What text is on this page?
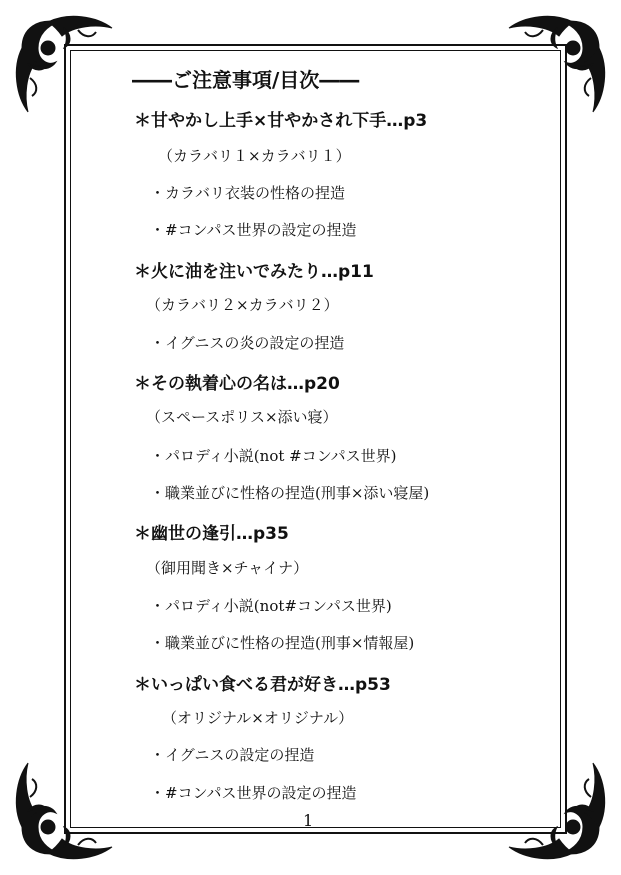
――ご注意事項/目次――
＊甘やかし上手×甘やかされ下手…p3
（カラバリ１×カラバリ１）
・カラバリ衣装の性格の捏造
・#コンパス世界の設定の捏造
＊火に油を注いでみたり…p11
（カラバリ２×カラバリ２）
・イグニスの炎の設定の捏造
＊その執着心の名は…p20
（スペースポリス×添い寝）
・パロディ小説(not #コンパス世界)
・職業並びに性格の捏造(刑事×添い寝屋)
＊幽世の逢引…p35
（御用聞き×チャイナ）
・パロディ小説(not#コンパス世界)
・職業並びに性格の捏造(刑事×情報屋)
＊いっぱい食べる君が好き…p53
（オリジナル×オリジナル）
・イグニスの設定の捏造
・#コンパス世界の設定の捏造
1
